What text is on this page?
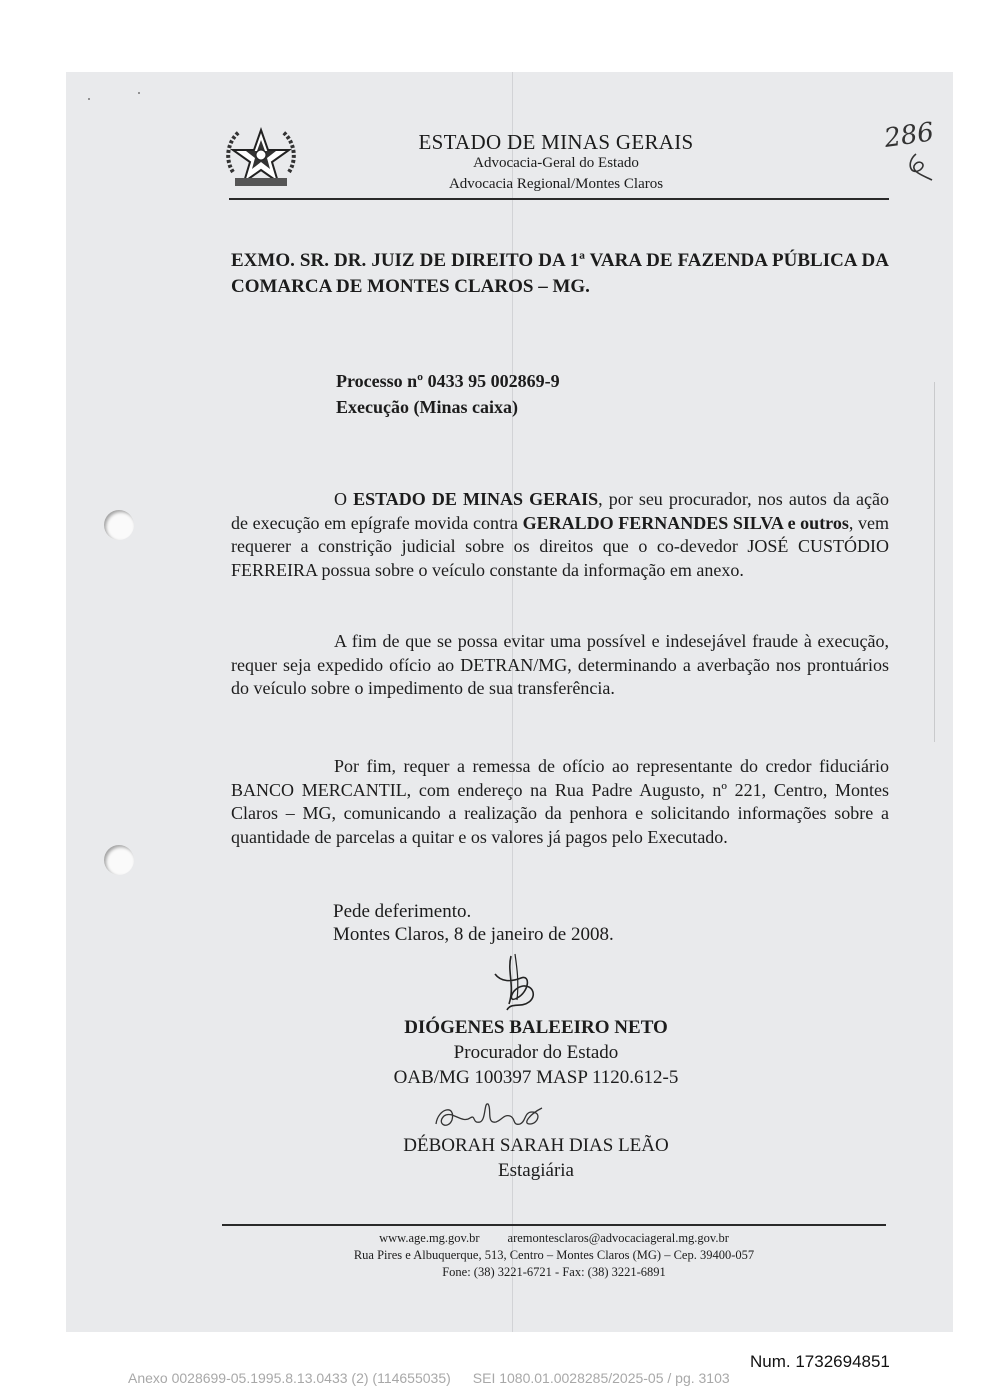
ESTADO DE MINAS GERAIS
Advocacia-Geral do Estado
Advocacia Regional/Montes Claros
286
EXMO. SR. DR. JUIZ DE DIREITO DA 1ª VARA DE FAZENDA PÚBLICA DA COMARCA DE MONTES CLAROS – MG.
Processo nº 0433 95 002869-9
Execução (Minas caixa)

O ESTADO DE MINAS GERAIS, por seu procurador, nos autos da ação de execução em epígrafe movida contra GERALDO FERNANDES SILVA e outros, vem requerer a constrição judicial sobre os direitos que o co-devedor JOSÉ CUSTÓDIO FERREIRA possua sobre o veículo constante da informação em anexo.

A fim de que se possa evitar uma possível e indesejável fraude à execução, requer seja expedido ofício ao DETRAN/MG, determinando a averbação nos prontuários do veículo sobre o impedimento de sua transferência.

Por fim, requer a remessa de ofício ao representante do credor fiduciário BANCO MERCANTIL, com endereço na Rua Padre Augusto, nº 221, Centro, Montes Claros – MG, comunicando a realização da penhora e solicitando informações sobre a quantidade de parcelas a quitar e os valores já pagos pelo Executado.

Pede deferimento.
Montes Claros, 8 de janeiro de 2008.
DIÓGENES BALEEIRO NETO
Procurador do Estado
OAB/MG 100397 MASP 1120.612-5
DÉBORAH SARAH DIAS LEÃO
Estagiária
www.age.mg.gov.br aremontesclaros@advocaciageral.mg.gov.br
Rua Pires e Albuquerque, 513, Centro – Montes Claros (MG) – Cep. 39400-057
Fone: (38) 3221-6721 - Fax: (38) 3221-6891
Num. 1732694851
Anexo 0028699-05.1995.8.13.0433 (2) (114655035) SEI 1080.01.0028285/2025-05 / pg. 3103
